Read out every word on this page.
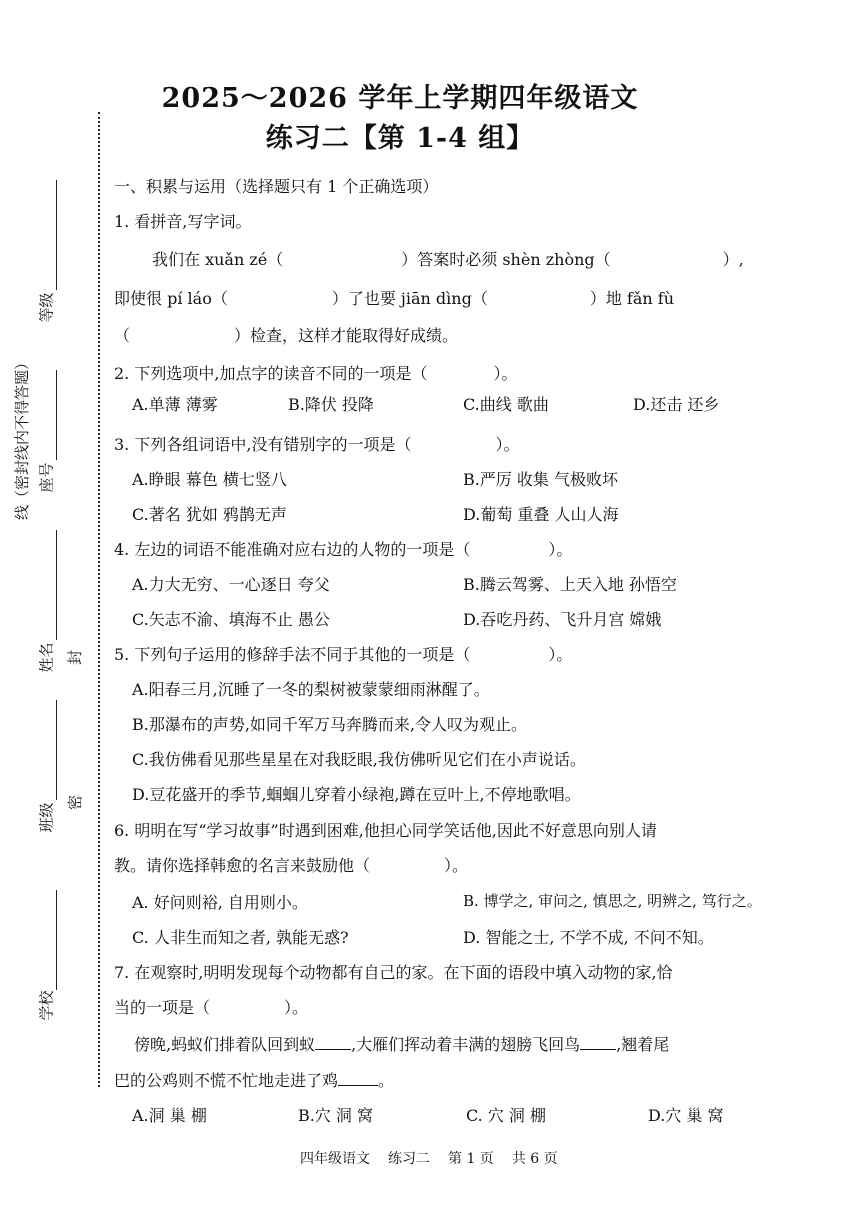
等级
线（密封线内不得答题） 座号
姓名 封
班级 密
学校
2025～2026 学年上学期四年级语文
练习二【第 1-4 组】
一、积累与运用（选择题只有 1 个正确选项）
1. 看拼音,写字词。
我们在 xuǎn zé（	）答案时必须 shèn zhòng（	）,
即使很 pí láo（	）了也要 jiān dìng（	）地 fǎn fù
（	）检查，这样才能取得好成绩。
2. 下列选项中,加点字的读音不同的一项是（	）。
A.单薄 薄雾	B.降伏 投降	C.曲线 歌曲	D.还击 还乡
3. 下列各组词语中,没有错别字的一项是（	）。
A.睁眼 幕色 横七竖八	B.严厉 收集 气极败坏
C.著名 犹如 鸦鹊无声	D.葡萄 重叠 人山人海
4. 左边的词语不能准确对应右边的人物的一项是（	）。
A.力大无穷、一心逐日 夸父	B.腾云驾雾、上天入地 孙悟空
C.矢志不渝、填海不止 愚公	D.吞吃丹药、飞升月宫 嫦娥
5. 下列句子运用的修辞手法不同于其他的一项是（	）。
A.阳春三月,沉睡了一冬的梨树被蒙蒙细雨淋醒了。
B.那瀑布的声势,如同千军万马奔腾而来,令人叹为观止。
C.我仿佛看见那些星星在对我眨眼,我仿佛听见它们在小声说话。
D.豆花盛开的季节,蝈蝈儿穿着小绿袍,蹲在豆叶上,不停地歌唱。
6. 明明在写“学习故事”时遇到困难,他担心同学笑话他,因此不好意思向别人请
教。请你选择韩愈的名言来鼓励他（	）。
A. 好问则裕, 自用则小。	B. 博学之, 审问之, 慎思之, 明辨之, 笃行之。
C. 人非生而知之者, 孰能无惑?	D. 智能之士, 不学不成, 不问不知。
7. 在观察时,明明发现每个动物都有自己的家。在下面的语段中填入动物的家,恰
当的一项是（	）。
傍晚,蚂蚁们排着队回到蚁 ,大雁们挥动着丰满的翅膀飞回鸟 ,翘着尾
巴的公鸡则不慌不忙地走进了鸡	。
A.洞 巢 棚	B.穴 洞 窝	C. 穴 洞 棚	D.穴 巢 窝
四年级语文 练习二 第 1 页 共 6 页
